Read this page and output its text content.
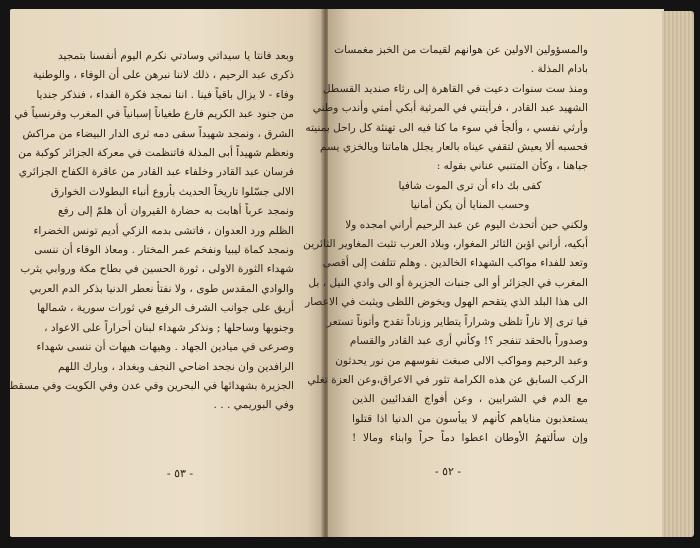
وبعد فانتا يا سيداتي وسادتي نكرم اليوم أنفسنا بتمجيد
ذكرى عبد الرحيم ، ذلك لاننا نبرهن على أن الوفاء ، والوطنية
وفاء - لا يزال باقياً فينا . اننا نمجد فكرة الفداء ، فنذكر جنديا
من جنود عبد الكريم فارع طغياناً إسبانياً في المغرب وفرنسياً في
الشرق ، ونمجد شهيداً سقى دمه ثرى الدار البيضاء من مراكش
ونعظم شهيداً أبى المذلة فاتنظمت في معركة الجزائر كوكبة من
فرسان عبد القادر وخلفاء عبد القادر من عاقرة الكفاح الجزائري
الالى جسّلوا تاريخاً الحديث بأروع أنباء البطولات الخوارق
ونمجد عرباً أهابت به حضارة القيروان أن هلمّ إلى رفع
الظلم ورد العدوان ، فاتشى بدمه الزكي أديم تونس الخضراء
ونمجد كماة ليبيا ونفخم عمر المختار . ومعاذ الوفاء أن ننسى
شهداء الثورة الاولى ، ثورة الحسين في بطاح مكة وروابي يثرب
والوادي المقدس طوى ، ولا نفتأ نعطر الدنيا بذكر الدم العربي
أريق على جوانب الشرف الرفيع في ثورات سورية ، شمالها
وجنوبها وساحلها ; ونذكر شهداء لبنان أحراراً على الاعواد ،
وصرعى في ميادين الجهاد . وهيهات هيهات أن ننسى شهداء
الرافدين وان نجحد اضاحي النجف وبغداد ، وبارك اللهم
الجزيرة بشهدائها في البحرين وفي عدن وفي الكويت وفي مسقط
وفي البوريمي . . .
- ٥٣ -
والمسؤولين الاولين عن هوانهم لقيمات من الخبز مغمسات
بادام المذلة .
ومنذ ست سنوات دعيت في القاهرة إلى رثاء صنديد القسطل
الشهيد عبد القادر ، فرأيتني في المرثية أبكي أمتي وأندب وطني
وأرثي نفسي ، وألجأ في سوء ما كنا فيه الى تهنئة كل راحل بمنيته
فحسبه ألا يعيش لتقفي عيناه بالعار يجلل هاماتنا ويالخزي يسم
جباهنا ، وكأن المتنبي عناني بقوله :
كفى بك داء أن ترى الموت شافيا
وحسب المنايا أن يكن أمانيا
ولكني حين أتحدث اليوم عن عبد الرحيم أراني امجده ولا
أبكيه، أراني اؤبن الثائر المغوار، وبلاد العرب تثبت المغاوير الثائرين
وتعد للفداء مواكب الشهداء الخالدين . وهلم تتلفت إلى أقصى
المغرب في الجزائر أو الى جنبات الجزيرة أو الى وادي النيل ، بل
الى هذا البلد الذي يتقحم الهول ويخوض اللظى ويثبت في الاعصار
فيا ترى إلا ناراً تلظى وشراراً يتطاير وزناداً تقدح وأتوناً تستعر
وصدوراً بالحقد تنفجر ؟! وكأني أرى عبد القادر والقسام
وعبد الرحيم ومواكب الالى صبغت نفوسهم من نور يحدثون
الركب السابق عن هذه الكرامة تثور في الاعراق،وعن العزة تغلي
مع الدم في الشرايين ، وعن أفواج الفدائيين الذين
يستعذبون مناياهم كأنهم لا ييأسون من الدنيا اذا قتلوا
وإن سألتهمُ الأوطان اعطوا دماً حراً وابناء ومالا !
- ٥٢ -
